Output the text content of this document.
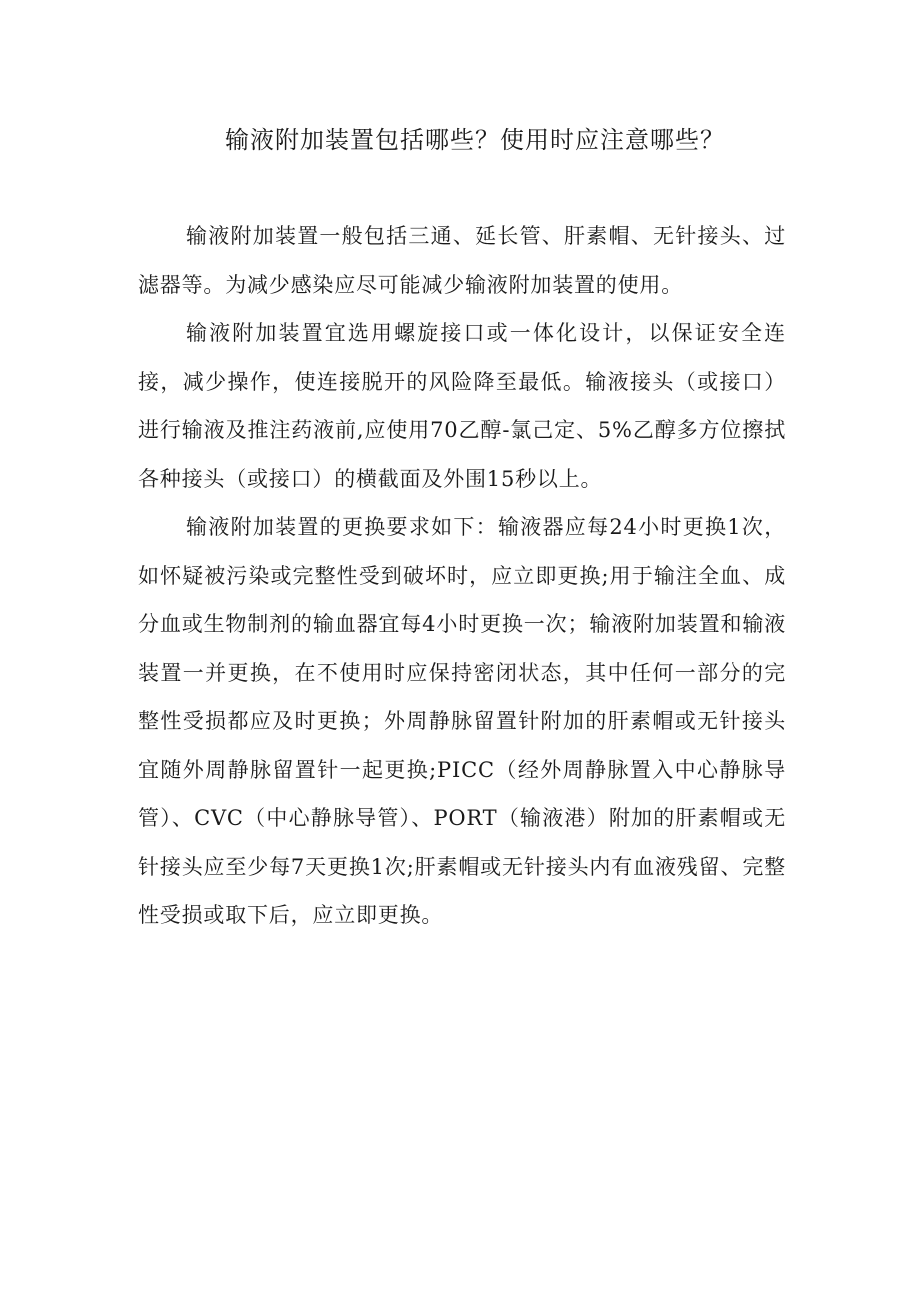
输液附加装置包括哪些？使用时应注意哪些？

输液附加装置一般包括三通、延长管、肝素帽、无针接头、过滤器等。为减少感染应尽可能减少输液附加装置的使用。

输液附加装置宜选用螺旋接口或一体化设计，以保证安全连接，减少操作，使连接脱开的风险降至最低。输液接头（或接口）进行输液及推注药液前,应使用70乙醇-氯己定、5%乙醇多方位擦拭各种接头（或接口）的横截面及外围15秒以上。

输液附加装置的更换要求如下：输液器应每24小时更换1次，如怀疑被污染或完整性受到破坏时，应立即更换;用于输注全血、成分血或生物制剂的输血器宜每4小时更换一次；输液附加装置和输液装置一并更换，在不使用时应保持密闭状态，其中任何一部分的完整性受损都应及时更换；外周静脉留置针附加的肝素帽或无针接头宜随外周静脉留置针一起更换;PICC（经外周静脉置入中心静脉导管）、CVC（中心静脉导管）、PORT（输液港）附加的肝素帽或无针接头应至少每7天更换1次;肝素帽或无针接头内有血液残留、完整性受损或取下后，应立即更换。
